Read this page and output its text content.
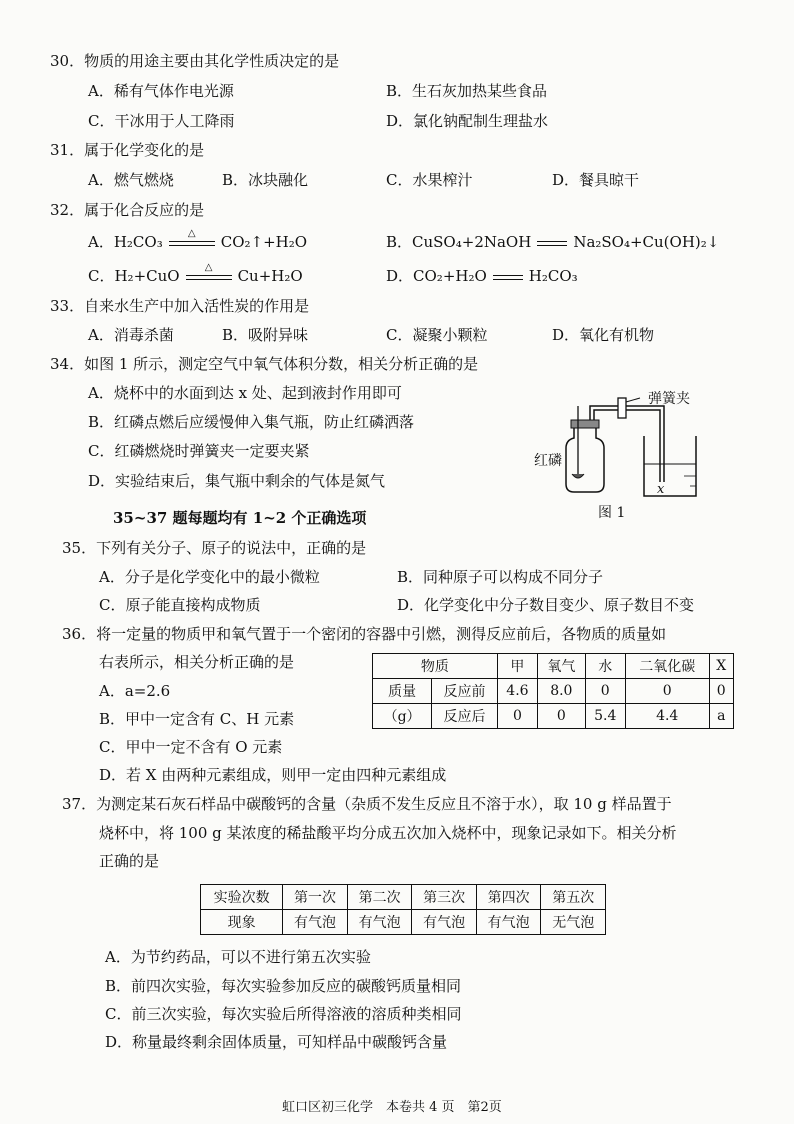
30．物质的用途主要由其化学性质决定的是
A．稀有气体作电光源	B．生石灰加热某些食品
C．干冰用于人工降雨	D．氯化钠配制生理盐水
31．属于化学变化的是
A．燃气燃烧	B．冰块融化	C．水果榨汁	D．餐具晾干
32．属于化合反应的是
A．H₂CO₃	△	CO₂↑+H₂O	B．CuSO₄+2NaOH	Na₂SO₄+Cu(OH)₂↓
C．H₂+CuO	△	Cu+H₂O	D．CO₂+H₂O	H₂CO₃
33．自来水生产中加入活性炭的作用是
A．消毒杀菌	B．吸附异味	C．凝聚小颗粒	D．氧化有机物
34．如图 1 所示，测定空气中氧气体积分数，相关分析正确的是
A．烧杯中的水面到达 x 处、起到液封作用即可
B．红磷点燃后应缓慢伸入集气瓶，防止红磷洒落
C．红磷燃烧时弹簧夹一定要夹紧
D．实验结束后，集气瓶中剩余的气体是氮气
弹簧夹
红磷
x
图 1
35~37 题每题均有 1~2 个正确选项
35．下列有关分子、原子的说法中，正确的是
A．分子是化学变化中的最小微粒	B．同种原子可以构成不同分子
C．原子能直接构成物质	D．化学变化中分子数目变少、原子数目不变
36．将一定量的物质甲和氧气置于一个密闭的容器中引燃，测得反应前后，各物质的质量如
右表所示，相关分析正确的是
A．a=2.6
B．甲中一定含有 C、H 元素
C．甲中一定不含有 O 元素
D．若 X 由两种元素组成，则甲一定由四种元素组成
物质		甲	氧气	水	二氧化碳	X
质量	反应前	4.6	8.0	0	0	0
（g）	反应后	0	0	5.4	4.4	a
37．为测定某石灰石样品中碳酸钙的含量（杂质不发生反应且不溶于水），取 10 g 样品置于
烧杯中，将 100 g 某浓度的稀盐酸平均分成五次加入烧杯中，现象记录如下。相关分析
正确的是
实验次数	第一次	第二次	第三次	第四次	第五次
现象	有气泡	有气泡	有气泡	有气泡	无气泡
A．为节约药品，可以不进行第五次实验
B．前四次实验，每次实验参加反应的碳酸钙质量相同
C．前三次实验，每次实验后所得溶液的溶质种类相同
D．称量最终剩余固体质量，可知样品中碳酸钙含量
虹口区初三化学　本卷共 4 页　第2页
